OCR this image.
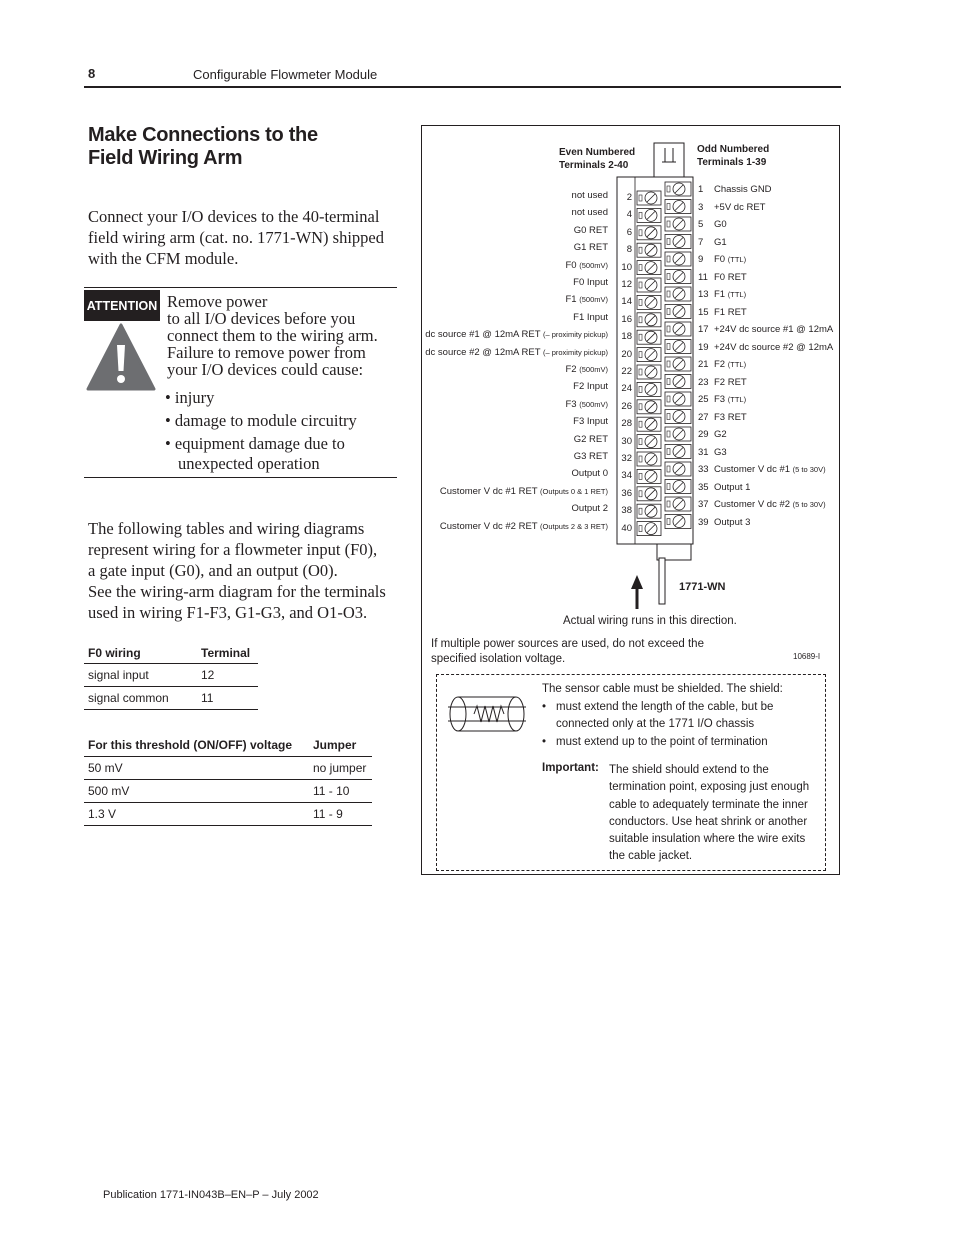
8	Configurable Flowmeter Module
Make Connections to the
Field Wiring Arm
Connect your I/O devices to the 40-terminal
field wiring arm (cat. no. 1771-WN) shipped
with the CFM module.
ATTENTION Remove power
to all I/O devices before you
connect them to the wiring arm.
Failure to remove power from
your I/O devices could cause:
• injury
• damage to module circuitry
• equipment damage due to
unexpected operation
The following tables and wiring diagrams
represent wiring for a flowmeter input (F0),
a gate input (G0), and an output (O0).
See the wiring-arm diagram for the terminals
used in wiring F1-F3, G1-G3, and O1-O3.
F0 wiring	Terminal
signal input	12
signal common	11
For this threshold (ON/OFF) voltage Jumper
50 mV	no jumper
500 mV	11 - 10
1.3 V	11 - 9
Even Numbered
Terminals 2-40
Odd Numbered
Terminals 1-39
not used	2
not used	4
G0 RET	6
G1 RET	8
F0 (500mV)	10
F0 Input	12
F1 (500mV)	14
F1 Input	16
dc source #1 @ 12mA RET (– proximity pickup)	18
dc source #2 @ 12mA RET (– proximity pickup)	20
F2 (500mV)	22
F2 Input	24
F3 (500mV)	26
F3 Input	28
G2 RET	30
G3 RET	32
Output 0	34
Customer V dc #1 RET (Outputs 0 & 1 RET)	36
Output 2	38
Customer V dc #2 RET (Outputs 2 & 3 RET)	40
1 Chassis GND
3 +5V dc RET
5 G0
7 G1
9 F0 (TTL)
11 F0 RET
13 F1 (TTL)
15 F1 RET
17 +24V dc source #1 @ 12mA
19 +24V dc source #2 @ 12mA
21 F2 (TTL)
23 F2 RET
25 F3 (TTL)
27 F3 RET
29 G2
31 G3
33 Customer V dc #1 (5 to 30V)
35 Output 1
37 Customer V dc #2 (5 to 30V)
39 Output 3
1771-WN
Actual wiring runs in this direction.
If multiple power sources are used, do not exceed the
specified isolation voltage.	10689-I
The sensor cable must be shielded. The shield:
• must extend the length of the cable, but be
connected only at the 1771 I/O chassis
• must extend up to the point of termination
Important: The shield should extend to the
termination point, exposing just enough
cable to adequately terminate the inner
conductors. Use heat shrink or another
suitable insulation where the wire exits
the cable jacket.
Publication 1771-IN043B–EN–P – July 2002
